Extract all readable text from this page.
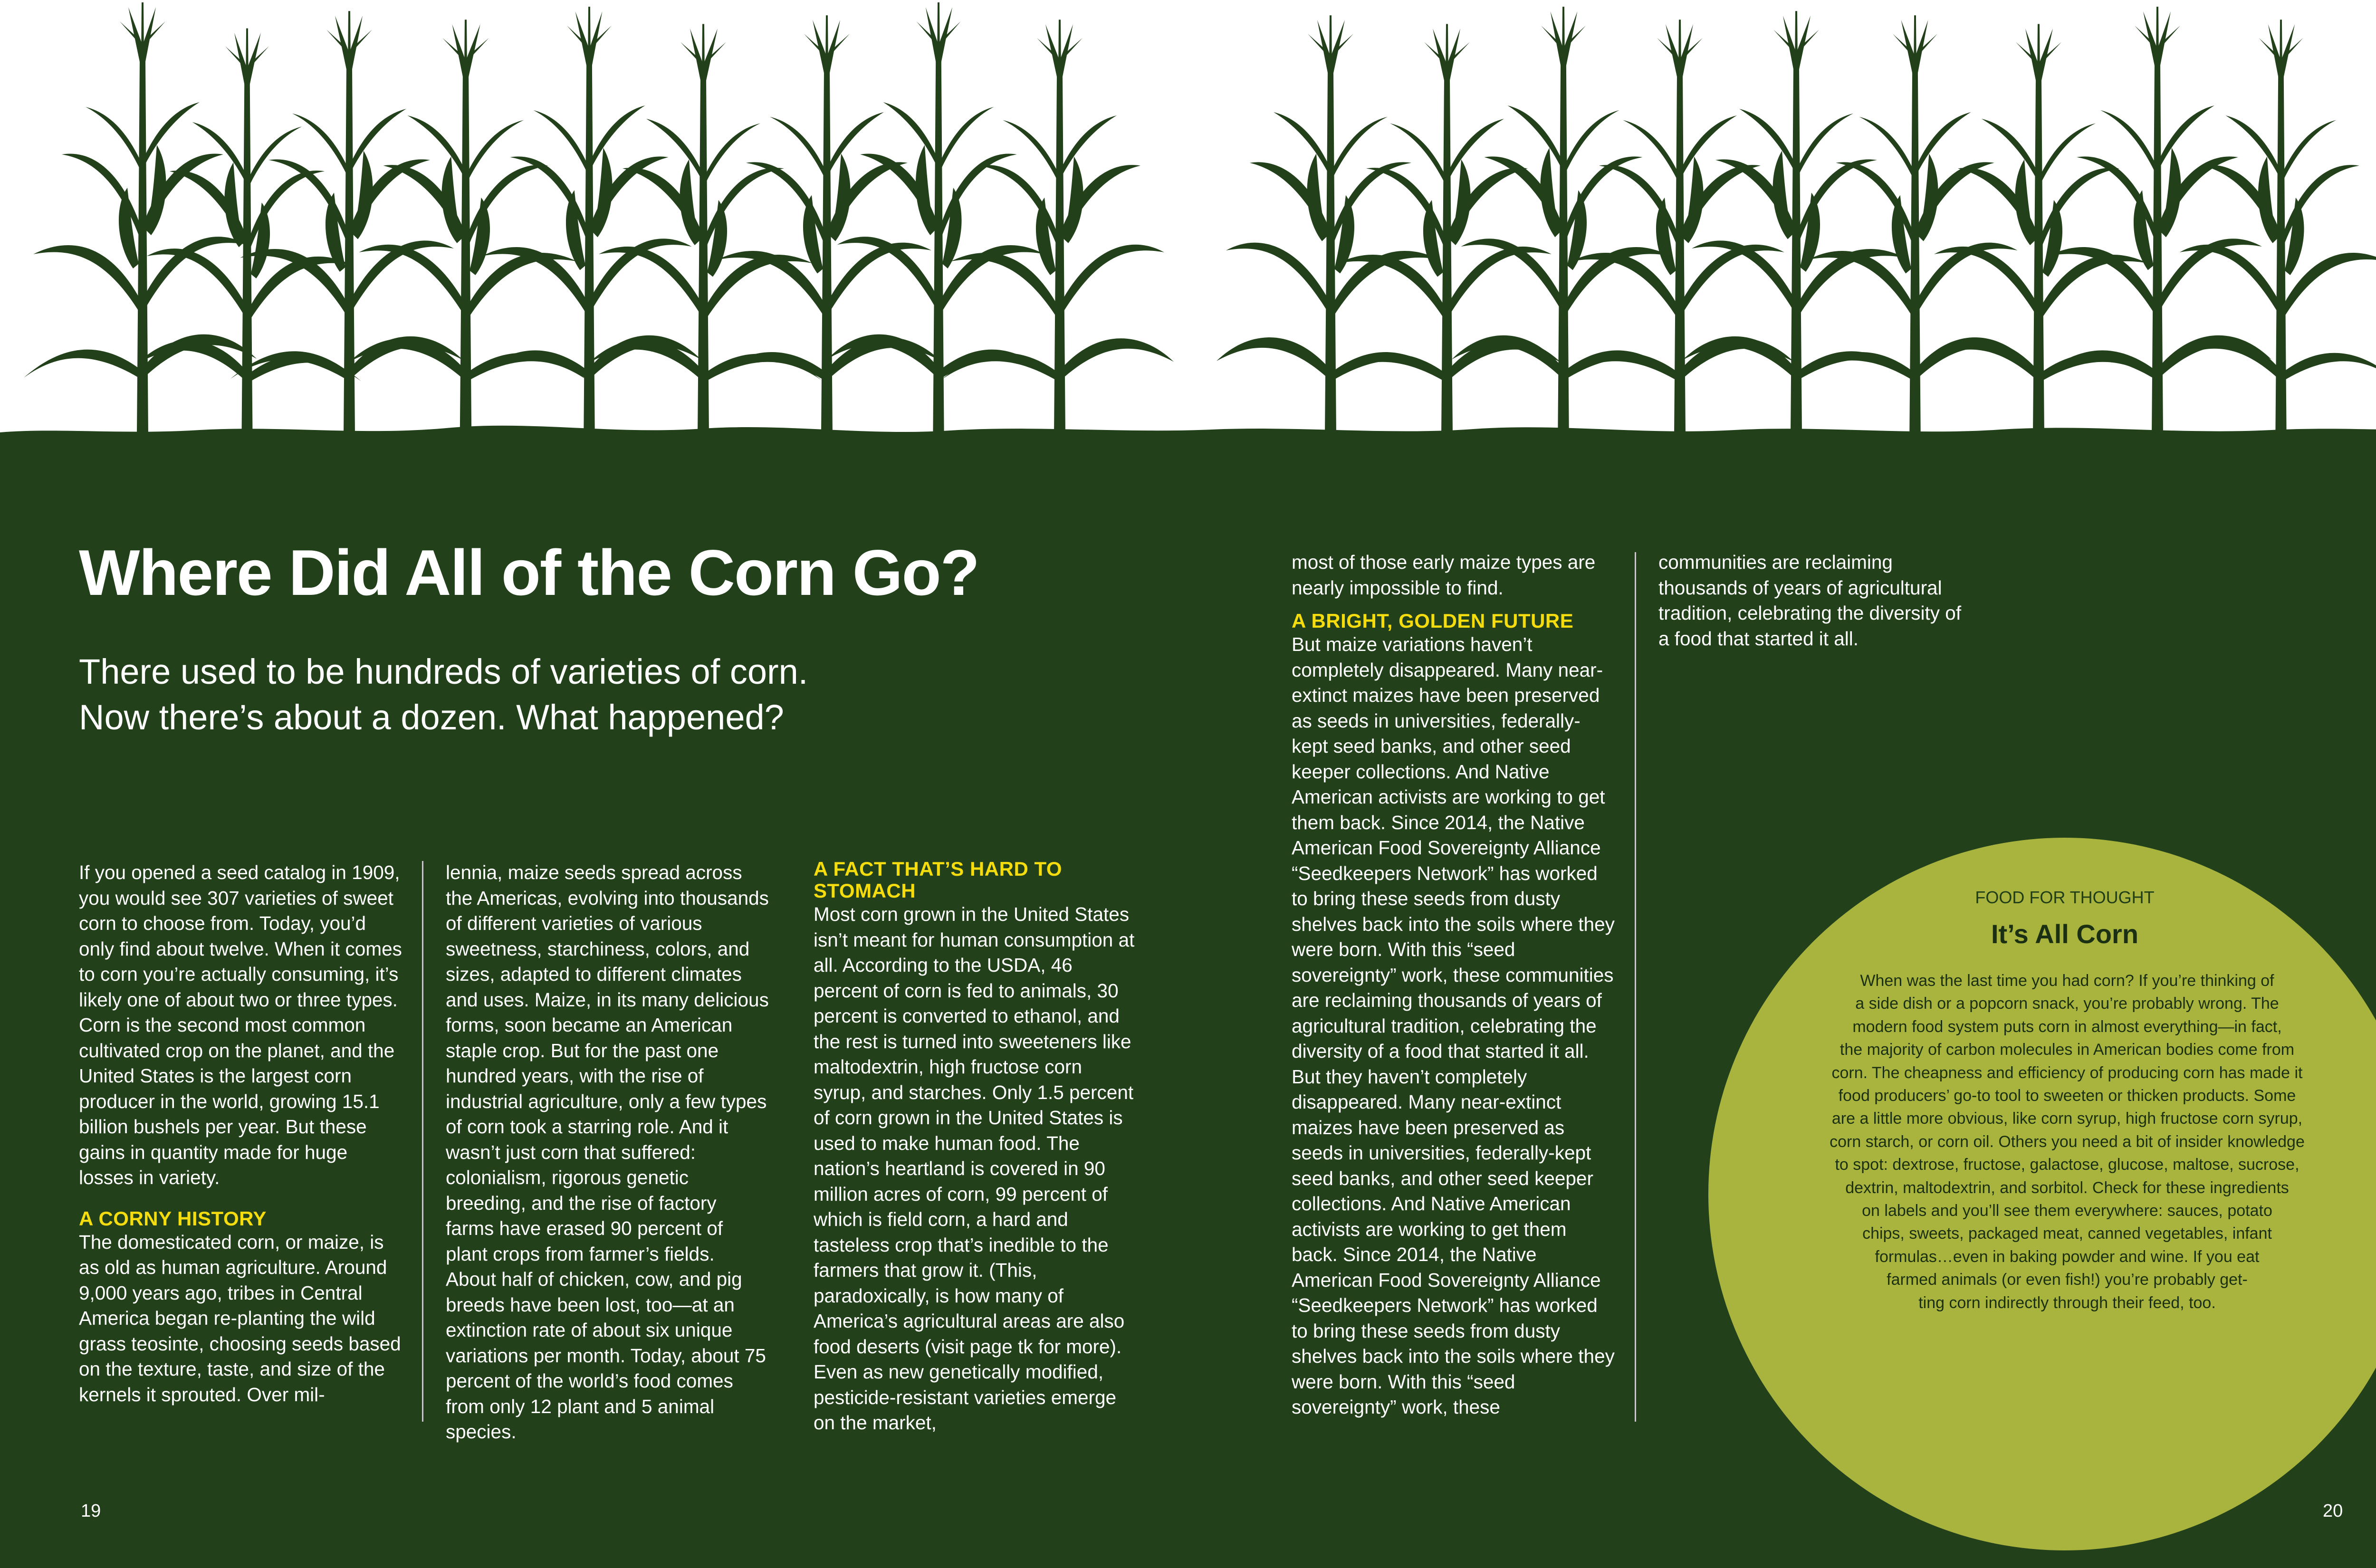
Where Did All of the Corn Go?
There used to be hundreds of varieties of corn.
Now there’s about a dozen. What happened?

If you opened a seed catalog in 1909, you would see 307 varieties of sweet corn to choose from. Today, you’d only find about twelve. When it comes to corn you’re actually consuming, it’s likely one of about two or three types. Corn is the second most common cultivated crop on the planet, and the United States is the largest corn producer in the world, growing 15.1 billion bushels per year. But these gains in quantity made for huge losses in variety.

A CORNY HISTORY

The domesticated corn, or maize, is as old as human agriculture. Around 9,000 years ago, tribes in Central America began re-planting the wild grass teosinte, choosing seeds based on the texture, taste, and size of the kernels it sprouted. Over mil-

lennia, maize seeds spread across the Americas, evolving into thousands of different varieties of various sweetness, starchiness, colors, and sizes, adapted to different climates and uses. Maize, in its many delicious forms, soon became an American staple crop. But for the past one hundred years, with the rise of industrial agriculture, only a few types of corn took a starring role. And it wasn’t just corn that suffered: colonialism, rigorous genetic breeding, and the rise of factory farms have erased 90 percent of plant crops from farmer’s fields. About half of chicken, cow, and pig breeds have been lost, too—at an extinction rate of about six unique variations per month. Today, about 75 percent of the world’s food comes from only 12 plant and 5 animal species.

A FACT THAT’S HARD TO STOMACH

Most corn grown in the United States isn’t meant for human consumption at all. According to the USDA, 46 percent of corn is fed to animals, 30 percent is converted to ethanol, and the rest is turned into sweeteners like maltodextrin, high fructose corn syrup, and starches. Only 1.5 percent of corn grown in the United States is used to make human food. The nation’s heartland is covered in 90 million acres of corn, 99 percent of which is field corn, a hard and tasteless crop that’s inedible to the farmers that grow it. (This, paradoxically, is how many of America’s agricultural areas are also food deserts (visit page tk for more). Even as new genetically modified, pesticide-resistant varieties emerge on the market,

most of those early maize types are nearly impossible to find.

A BRIGHT, GOLDEN FUTURE

But maize variations haven’t completely disappeared. Many near-extinct maizes have been preserved as seeds in universities, federally-kept seed banks, and other seed keeper collections. And Native American activists are working to get them back. Since 2014, the Native American Food Sovereignty Alliance “Seedkeepers Network” has worked to bring these seeds from dusty shelves back into the soils where they were born. With this “seed sovereignty” work, these communities are reclaiming thousands of years of agricultural tradition, celebrating the diversity of a food that started it all. But they haven’t completely disappeared. Many near-extinct maizes have been preserved as seeds in universities, federally-kept seed banks, and other seed keeper collections. And Native American activists are working to get them back. Since 2014, the Native American Food Sovereignty Alliance “Seedkeepers Network” has worked to bring these seeds from dusty shelves back into the soils where they were born. With this “seed sovereignty” work, these

communities are reclaiming thousands of years of agricultural tradition, celebrating the diversity of a food that started it all.

FOOD FOR THOUGHT
It’s All Corn
When was the last time you had corn? If you’re thinking of
a side dish or a popcorn snack, you’re probably wrong. The
modern food system puts corn in almost everything—in fact,
the majority of carbon molecules in American bodies come from
corn. The cheapness and efficiency of producing corn has made it
food producers’ go-to tool to sweeten or thicken products. Some
are a little more obvious, like corn syrup, high fructose corn syrup,
corn starch, or corn oil. Others you need a bit of insider knowledge
to spot: dextrose, fructose, galactose, glucose, maltose, sucrose,
dextrin, maltodextrin, and sorbitol. Check for these ingredients
on labels and you’ll see them everywhere: sauces, potato
chips, sweets, packaged meat, canned vegetables, infant
formulas…even in baking powder and wine. If you eat
farmed animals (or even fish!) you’re probably get-
ting corn indirectly through their feed, too.
19	20
